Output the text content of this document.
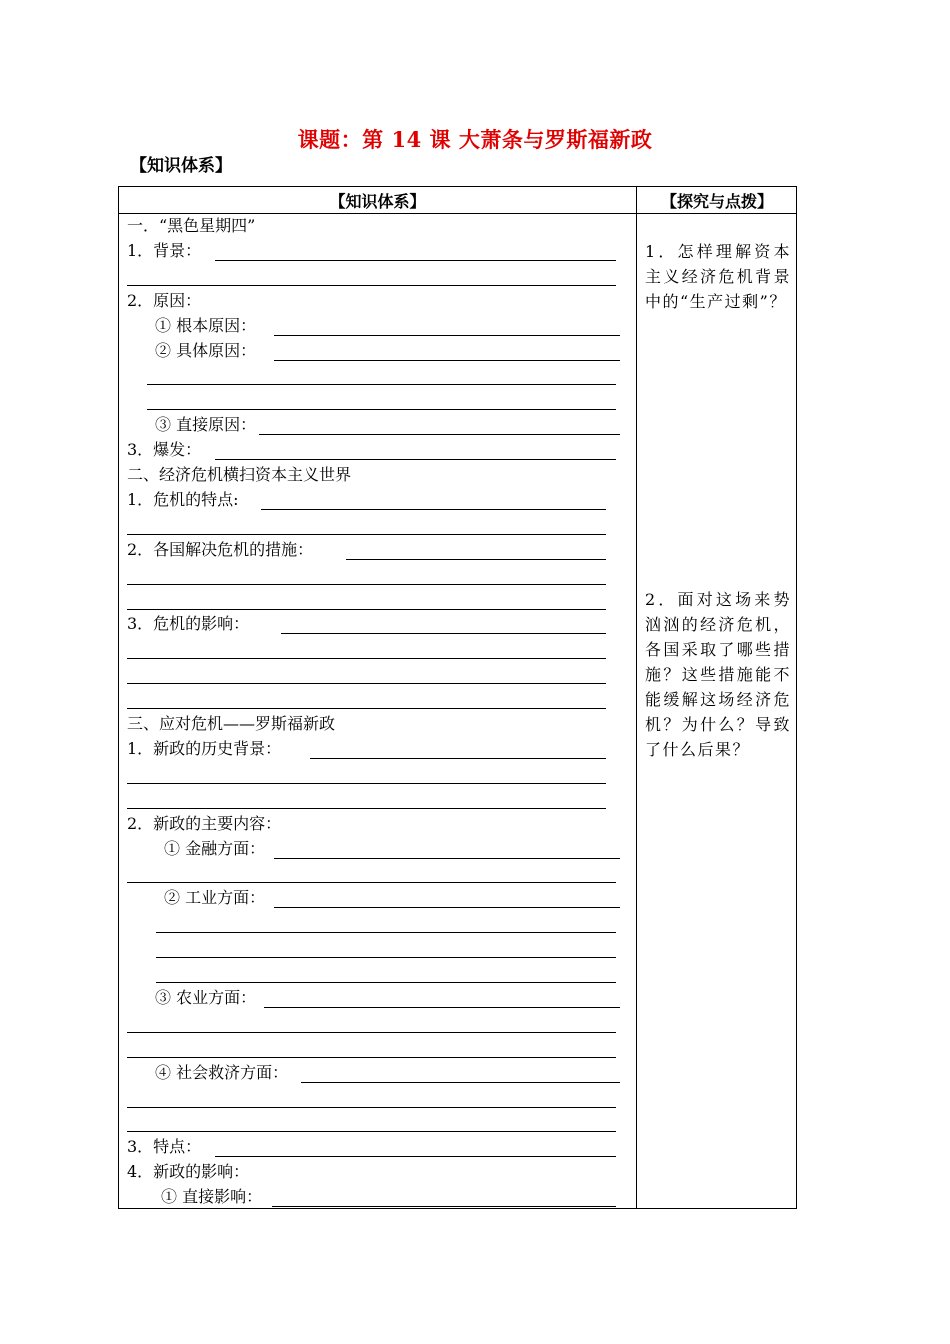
课题：第 14 课 大萧条与罗斯福新政
【知识体系】
【知识体系】	【探究与点拨】
一．“黑色星期四”
1．背景：
2．原因：
① 根本原因：
② 具体原因：
③ 直接原因：
3．爆发：
二、经济危机横扫资本主义世界
1．危机的特点:
2．各国解决危机的措施：
3．危机的影响：
三、应对危机——罗斯福新政
1．新政的历史背景：
2．新政的主要内容：
① 金融方面：
② 工业方面：
③ 农业方面：
④ 社会救济方面：
3．特点：
4．新政的影响：
① 直接影响：
1．怎样理解资本主义经济危机背景中的“生产过剩”？
2．面对这场来势汹汹的经济危机，各国采取了哪些措施？这些措施能不能缓解这场经济危机？为什么？导致了什么后果？
